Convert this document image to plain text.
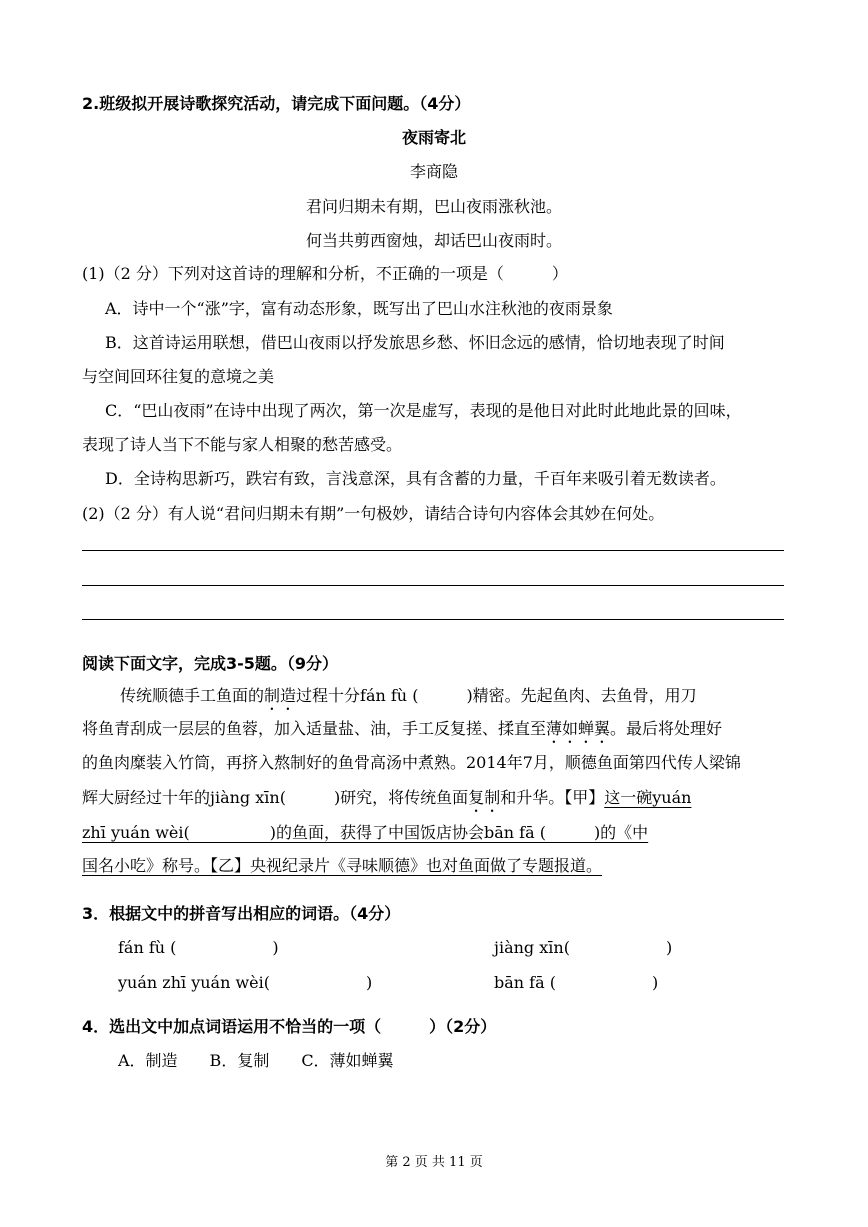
2.班级拟开展诗歌探究活动，请完成下面问题。（4分）
夜雨寄北
李商隐
君问归期未有期，巴山夜雨涨秋池。
何当共剪西窗烛，却话巴山夜雨时。
(1)（2 分）下列对这首诗的理解和分析，不正确的一项是（　　　）
A．诗中一个“涨”字，富有动态形象，既写出了巴山水注秋池的夜雨景象
B．这首诗运用联想，借巴山夜雨以抒发旅思乡愁、怀旧念远的感情，恰切地表现了时间
与空间回环往复的意境之美
C．“巴山夜雨”在诗中出现了两次，第一次是虚写，表现的是他日对此时此地此景的回味，
表现了诗人当下不能与家人相聚的愁苦感受。
D．全诗构思新巧，跌宕有致，言浅意深，具有含蓄的力量，千百年来吸引着无数读者。
(2)（2 分）有人说“君问归期未有期”一句极妙，请结合诗句内容体会其妙在何处。
阅读下面文字，完成3-5题。（9分）
传统顺德手工鱼面的制造过程十分fán fù (　　　)精密。先起鱼肉、去鱼骨，用刀
将鱼青刮成一层层的鱼蓉，加入适量盐、油，手工反复搓、揉直至薄如蝉翼。最后将处理好
的鱼肉糜装入竹筒，再挤入熬制好的鱼骨高汤中煮熟。2014年7月，顺德鱼面第四代传人梁锦
辉大厨经过十年的jiàng xīn(　　　)研究，将传统鱼面复制和升华。【甲】这一碗yuán
zhī yuán wèi(　　　　　)的鱼面，获得了中国饭店协会bān fā (　　　)的《中
国名小吃》称号。【乙】央视纪录片《寻味顺德》也对鱼面做了专题报道。
3．根据文中的拼音写出相应的词语。（4分）
fán fù (　　　　　　)	jiàng xīn(　　　　　　)
yuán zhī yuán wèi(　　　　　　)	bān fā (　　　　　　)
4．选出文中加点词语运用不恰当的一项（　　　）（2分）
A．制造　　B．复制　　C．薄如蝉翼
第 2 页 共 11 页
